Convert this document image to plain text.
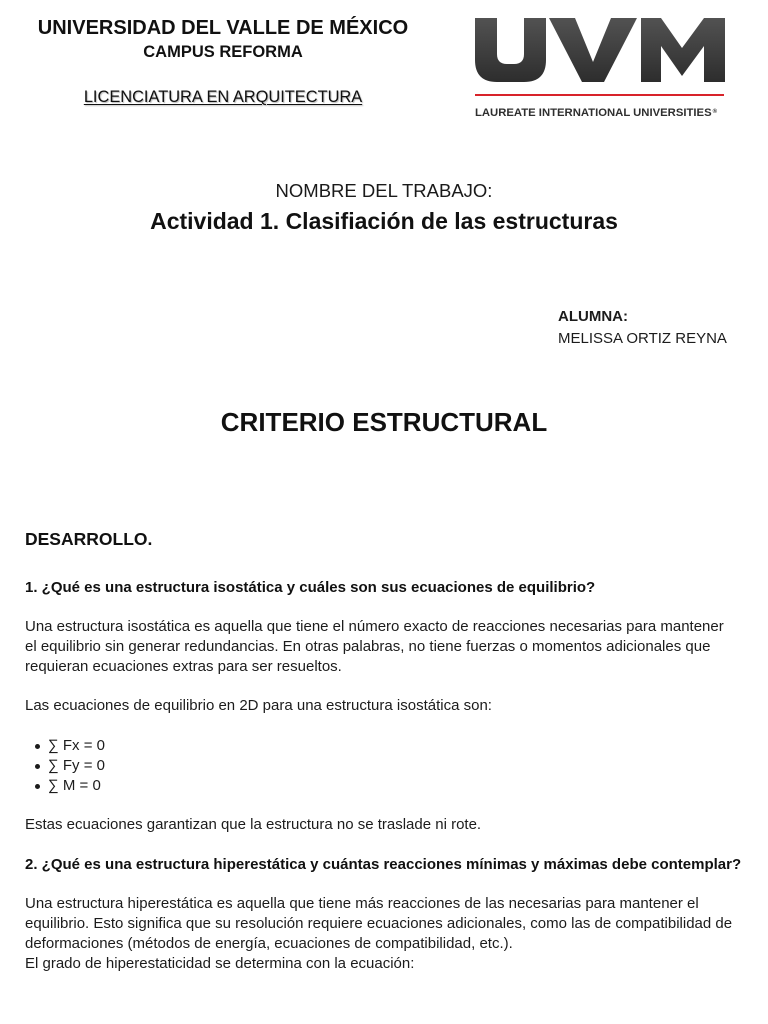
UNIVERSIDAD DEL VALLE DE MÉXICO
CAMPUS REFORMA
LICENCIATURA EN ARQUITECTURA
LAUREATE INTERNATIONAL UNIVERSITIES®
NOMBRE DEL TRABAJO:
Actividad 1. Clasifiación de las estructuras
ALUMNA:
MELISSA ORTIZ REYNA
CRITERIO ESTRUCTURAL
DESARROLLO.
1. ¿Qué es una estructura isostática y cuáles son sus ecuaciones de equilibrio?
Una estructura isostática es aquella que tiene el número exacto de reacciones necesarias para mantener
el equilibrio sin generar redundancias. En otras palabras, no tiene fuerzas o momentos adicionales que
requieran ecuaciones extras para ser resueltos.
Las ecuaciones de equilibrio en 2D para una estructura isostática son:
∑ Fx = 0
∑ Fy = 0
∑ M = 0
Estas ecuaciones garantizan que la estructura no se traslade ni rote.
2. ¿Qué es una estructura hiperestática y cuántas reacciones mínimas y máximas debe contemplar?
Una estructura hiperestática es aquella que tiene más reacciones de las necesarias para mantener el
equilibrio. Esto significa que su resolución requiere ecuaciones adicionales, como las de compatibilidad de
deformaciones (métodos de energía, ecuaciones de compatibilidad, etc.).
El grado de hiperestaticidad se determina con la ecuación:
